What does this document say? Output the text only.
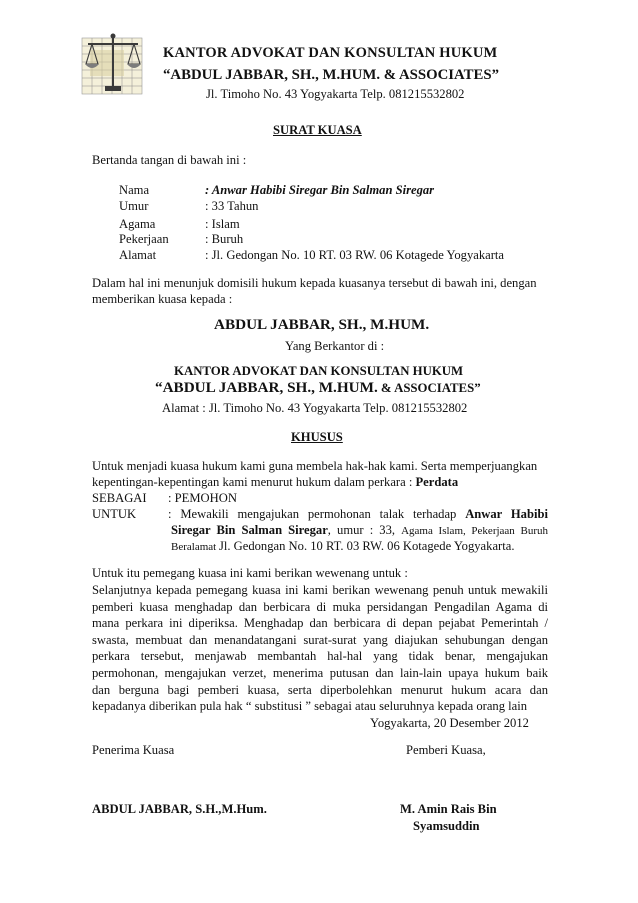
KANTOR ADVOKAT DAN KONSULTAN HUKUM
“ABDUL JABBAR, SH., M.HUM. & ASSOCIATES”
Jl. Timoho No. 43 Yogyakarta Telp. 081215532802
SURAT KUASA
Bertanda tangan di bawah ini :
Nama	: Anwar Habibi Siregar Bin Salman Siregar
Umur	: 33 Tahun
Agama	: Islam
Pekerjaan	: Buruh
Alamat	: Jl. Gedongan No. 10 RT. 03 RW. 06 Kotagede Yogyakarta
Dalam hal ini menunjuk domisili hukum kepada kuasanya tersebut di bawah ini, dengan
memberikan kuasa kepada :
ABDUL JABBAR, SH., M.HUM.
Yang Berkantor di :
KANTOR ADVOKAT DAN KONSULTAN HUKUM
“ABDUL JABBAR, SH., M.HUM. & ASSOCIATES”
Alamat : Jl. Timoho No. 43 Yogyakarta Telp. 081215532802
KHUSUS
Untuk menjadi kuasa hukum kami guna membela hak-hak kami. Serta memperjuangkan
kepentingan-kepentingan kami menurut hukum dalam perkara : Perdata
SEBAGAI : PEMOHON
UNTUK	: Mewakili mengajukan permohonan talak terhadap Anwar Habibi
Siregar Bin Salman Siregar, umur : 33, Agama Islam, Pekerjaan Buruh
Beralamat Jl. Gedongan No. 10 RT. 03 RW. 06 Kotagede Yogyakarta.
Untuk itu pemegang kuasa ini kami berikan wewenang untuk :
Selanjutnya kepada pemegang kuasa ini kami berikan wewenang penuh untuk mewakili
pemberi kuasa menghadap dan berbicara di muka persidangan Pengadilan Agama di
mana perkara ini diperiksa. Menghadap dan berbicara di depan pejabat Pemerintah /
swasta, membuat dan menandatangani surat-surat yang diajukan sehubungan dengan
perkara tersebut, menjawab membantah hal-hal yang tidak benar, mengajukan
permohonan, mengajukan verzet, menerima putusan dan lain-lain upaya hukum baik
dan berguna bagi pemberi kuasa, serta diperbolehkan menurut hukum acara dan
kepadanya diberikan pula hak “ substitusi ” sebagai atau seluruhnya kepada orang lain
Yogyakarta, 20 Desember 2012
Penerima Kuasa	Pemberi Kuasa,
ABDUL JABBAR, S.H.,M.Hum.	M. Amin Rais Bin
Syamsuddin
